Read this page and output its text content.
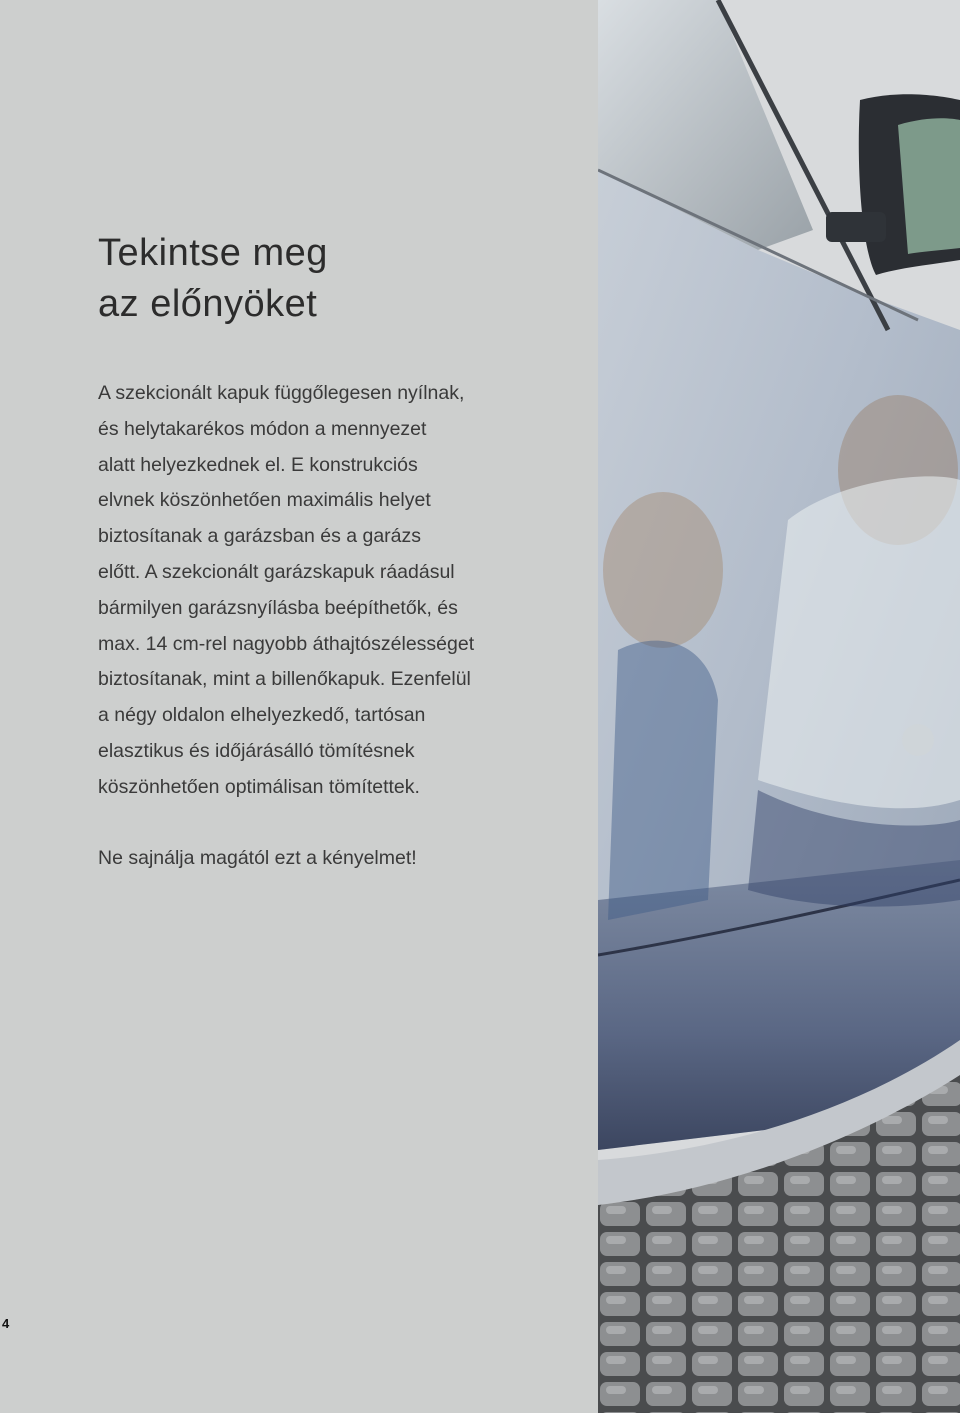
Tekintse meg
az előnyöket

A szekcionált kapuk függőlegesen nyílnak,
és helytakarékos módon a mennyezet
alatt helyezkednek el. E konstrukciós
elvnek köszönhetően maximális helyet
biztosítanak a garázsban és a garázs
előtt. A szekcionált garázskapuk ráadásul
bármilyen garázsnyílásba beépíthetők, és
max. 14 cm-rel nagyobb áthajtószélességet
biztosítanak, mint a billenőkapuk. Ezenfelül
a négy oldalon elhelyezkedő, tartósan
elasztikus és időjárásálló tömítésnek
köszönhetően optimálisan tömítettek.

Ne sajnálja magától ezt a kényelmet!

4
